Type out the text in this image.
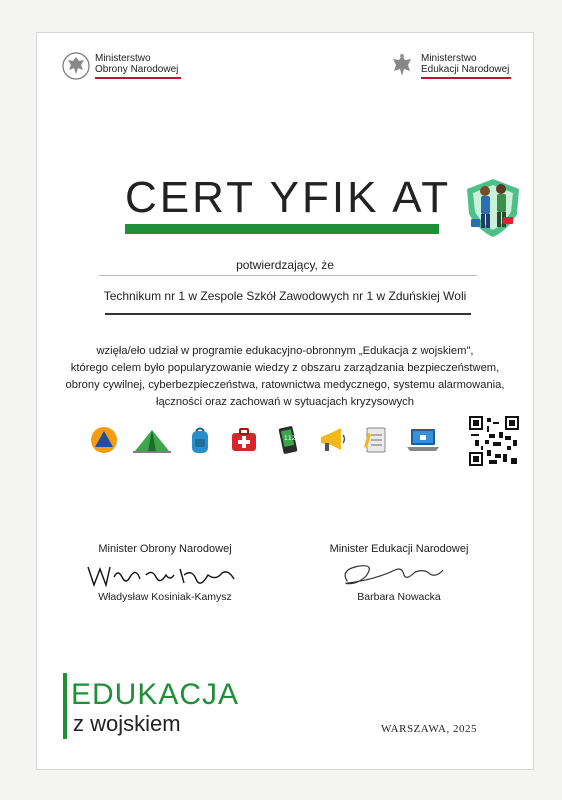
Ministerstwo
Obrony Narodowej
Ministerstwo
Edukacji Narodowej
CERT YFIK AT
potwierdzający, że
Technikum nr 1 w Zespole Szkół Zawodowych nr 1 w Zduńskiej Woli
wzięła/eło udział w programie edukacyjno-obronnym „Edukacja z wojskiem",
którego celem było popularyzowanie wiedzy z obszaru zarządzania bezpieczeństwem,
obrony cywilnej, cyberbezpieczeństwa, ratownictwa medycznego, systemu alarmowania,
łączności oraz zachowań w sytuacjach kryzysowych
112
Minister Obrony Narodowej
Władysław Kosiniak-Kamysz
Minister Edukacji Narodowej
Barbara Nowacka
EDUKACJA
z wojskiem	WARSZAWA, 2025
